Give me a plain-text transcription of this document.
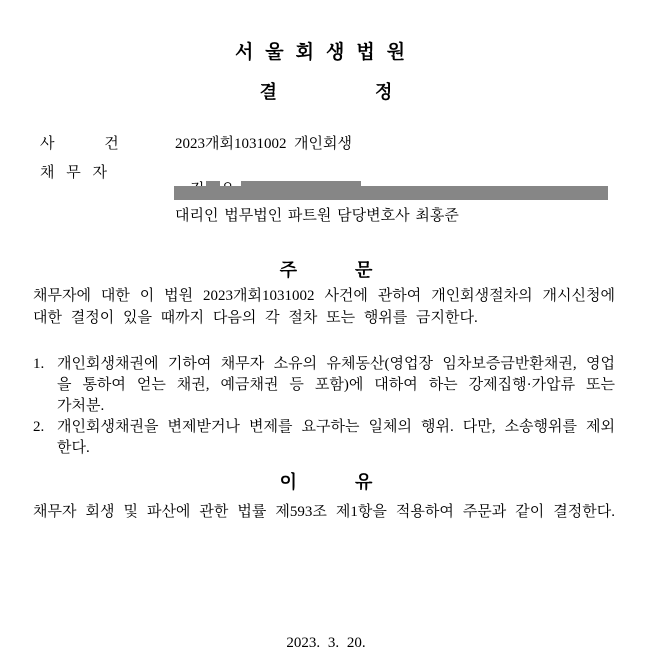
서울회생법원
결 정
사 건	2023개회1031002  개인회생
채 무 자

대리인 법무법인 파트원 담당변호사 최홍준
주 문
채무자에 대한 이 법원 2023개회1031002 사건에 관하여 개인회생절차의 개시신청에 대한 결정이 있을 때까지 다음의 각 절차 또는 행위를 금지한다.
1. 개인회생채권에 기하여 채무자 소유의 유체동산(영업장 임차보증금반환채권, 영업을 통하여 얻는 채권, 예금채권 등 포함)에 대하여 하는 강제집행·가압류 또는 가처분.
2. 개인회생채권을 변제받거나 변제를 요구하는 일체의 행위. 다만, 소송행위를 제외한다.
이 유
채무자 회생 및 파산에 관한 법률 제593조 제1항을 적용하여 주문과 같이 결정한다.
2023. 3. 20.
